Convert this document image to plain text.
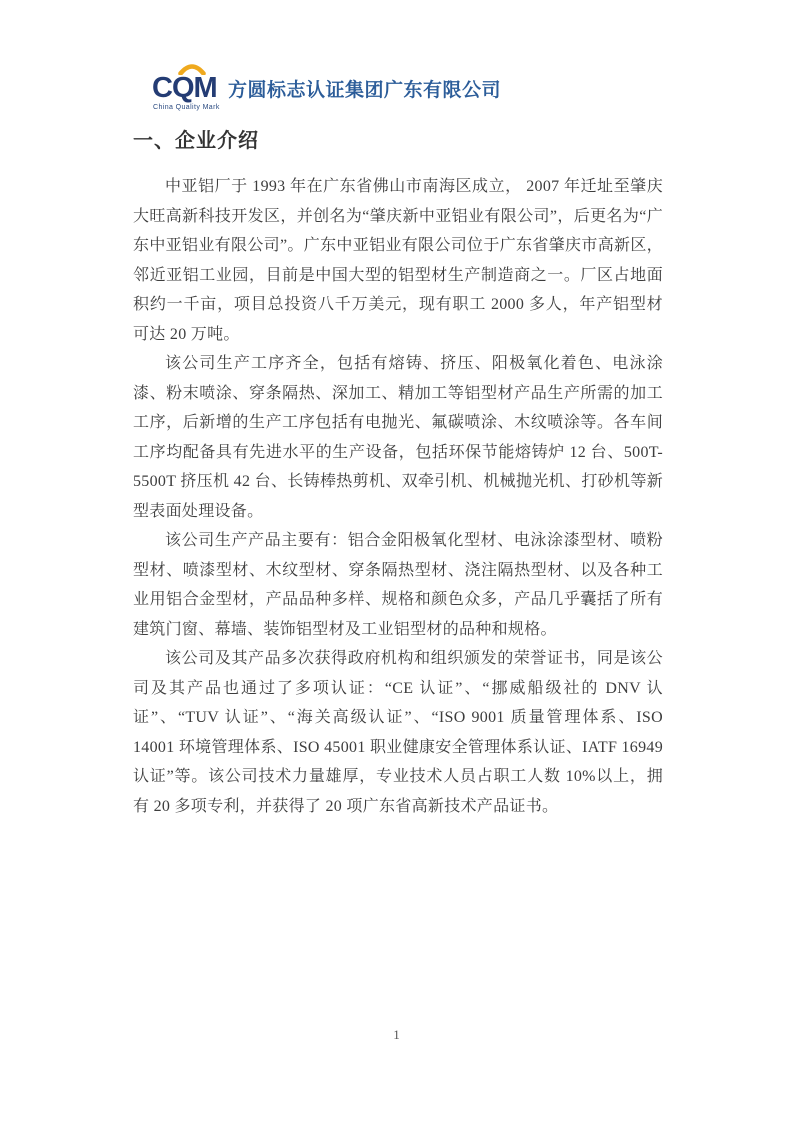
CQM
China Quality Mark
方圆标志认证集团广东有限公司
一、企业介绍

中亚铝厂于 1993 年在广东省佛山市南海区成立， 2007 年迁址至肇庆大旺高新科技开发区，并创名为“肇庆新中亚铝业有限公司”，后更名为“广东中亚铝业有限公司”。广东中亚铝业有限公司位于广东省肇庆市高新区，邻近亚铝工业园，目前是中国大型的铝型材生产制造商之一。厂区占地面积约一千亩，项目总投资八千万美元，现有职工 2000 多人，年产铝型材可达 20 万吨。

该公司生产工序齐全，包括有熔铸、挤压、阳极氧化着色、电泳涂漆、粉末喷涂、穿条隔热、深加工、精加工等铝型材产品生产所需的加工工序，后新增的生产工序包括有电抛光、氟碳喷涂、木纹喷涂等。各车间工序均配备具有先进水平的生产设备，包括环保节能熔铸炉 12 台、500T-5500T 挤压机 42 台、长铸棒热剪机、双牵引机、机械抛光机、打砂机等新型表面处理设备。

该公司生产产品主要有：铝合金阳极氧化型材、电泳涂漆型材、喷粉型材、喷漆型材、木纹型材、穿条隔热型材、浇注隔热型材、以及各种工业用铝合金型材，产品品种多样、规格和颜色众多，产品几乎囊括了所有建筑门窗、幕墙、装饰铝型材及工业铝型材的品种和规格。

该公司及其产品多次获得政府机构和组织颁发的荣誉证书，同是该公司及其产品也通过了多项认证：“CE 认证”、“挪威船级社的 DNV 认证”、“TUV 认证”、“海关高级认证”、“ISO 9001 质量管理体系、ISO 14001 环境管理体系、ISO 45001 职业健康安全管理体系认证、IATF 16949 认证”等。该公司技术力量雄厚，专业技术人员占职工人数 10%以上，拥有 20 多项专利，并获得了 20 项广东省高新技术产品证书。

1
